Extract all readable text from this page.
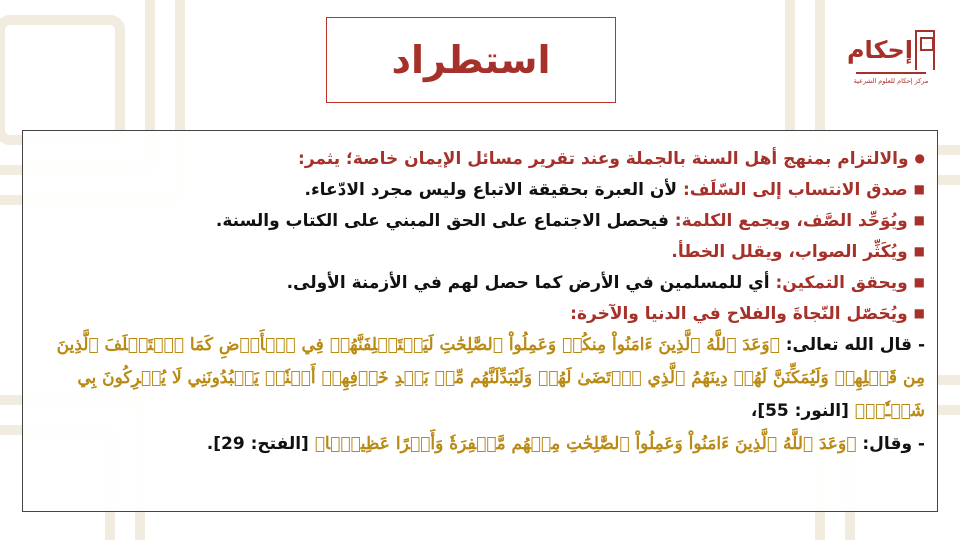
استطراد	إحكام
مركز إحكام للعلوم الشرعية
●والالتزام بمنهج أهل السنة بالجملة وعند تقرير مسائل الإيمان خاصة؛ يثمر:
■صدق الانتساب إلى السّلَف: لأن العبرة بحقيقة الاتباع وليس مجرد الادّعاء.
■ويُوَحِّد الصَّف، ويجمع الكلمة: فيحصل الاجتماع على الحق المبني على الكتاب والسنة.
■ويُكَثِّر الصواب، ويقلل الخطأ.
■ويحقق التمكين: أي للمسلمين في الأرض كما حصل لهم في الأزمنة الأولى.
■ويُحَصّل النّجاةَ والفلاح في الدنيا والآخرة:
- قال الله تعالى: ﴿وَعَدَ ٱللَّهُ ٱلَّذِينَ ءَامَنُواْ مِنكُمۡ وَعَمِلُواْ ٱلصَّٰلِحَٰتِ لَيَسۡتَخۡلِفَنَّهُمۡ فِي ٱلۡأَرۡضِ كَمَا ٱسۡتَخۡلَفَ ٱلَّذِينَ مِن قَبۡلِهِمۡ وَلَيُمَكِّنَنَّ لَهُمۡ دِينَهُمُ ٱلَّذِي ٱرۡتَضَىٰ لَهُمۡ وَلَيُبَدِّلَنَّهُم مِّنۢ بَعۡدِ خَوۡفِهِمۡ أَمۡنٗاۚ يَعۡبُدُونَنِي لَا يُشۡرِكُونَ بِي شَيۡـٔٗاۚ﴾ [النور: 55]،
- وقال: ﴿وَعَدَ ٱللَّهُ ٱلَّذِينَ ءَامَنُواْ وَعَمِلُواْ ٱلصَّٰلِحَٰتِ مِنۡهُم مَّغۡفِرَةٗ وَأَجۡرًا عَظِيمَۢا﴾ [الفتح: 29].
